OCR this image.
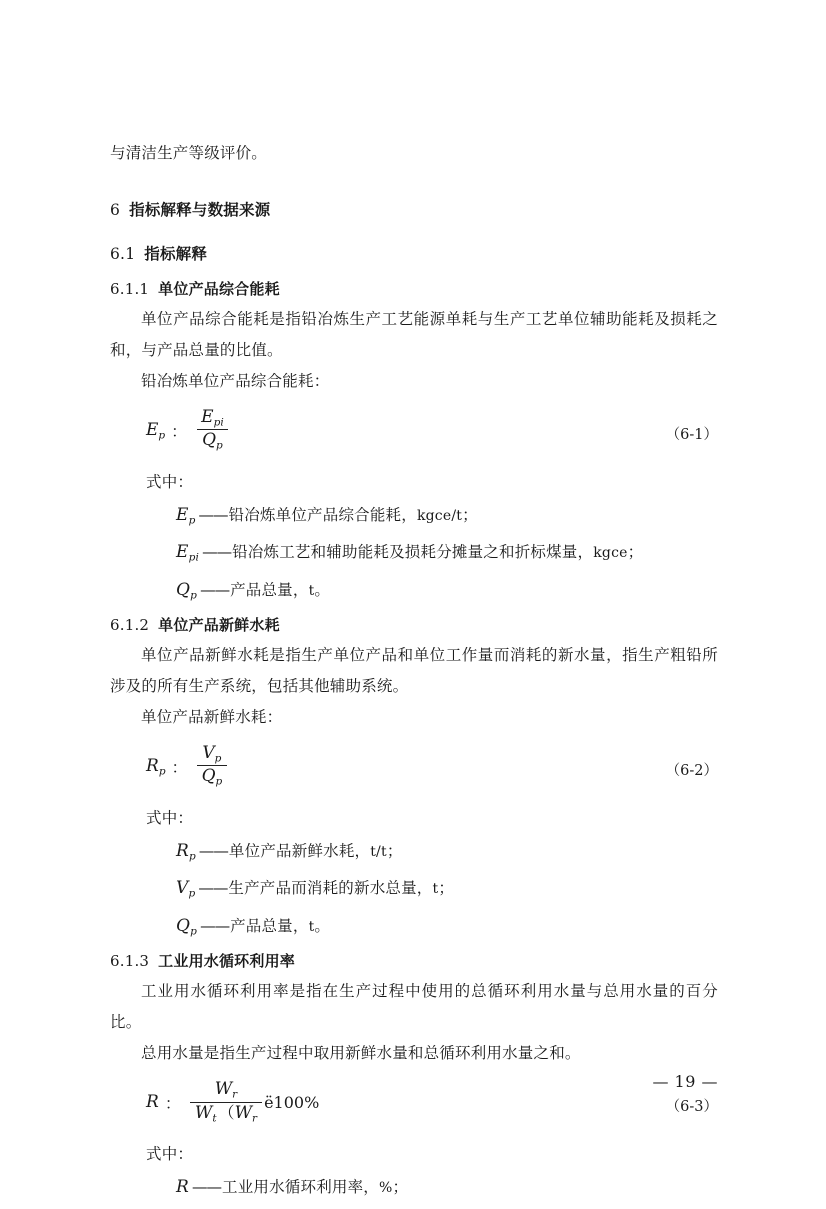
与清洁生产等级评价。

6 指标解释与数据来源
6.1 指标解释
6.1.1 单位产品综合能耗

单位产品综合能耗是指铅冶炼生产工艺能源单耗与生产工艺单位辅助能耗及损耗之和，与产品总量的比值。

铅冶炼单位产品综合能耗：

$E_p$ ： $\frac{E_{pi}}{Q_p}$	（6-1）

式中：

$E_p$ ——铅冶炼单位产品综合能耗，kgce/t；
$E_{pi}$ ——铅冶炼工艺和辅助能耗及损耗分摊量之和折标煤量，kgce；
$Q_p$ ——产品总量，t。
6.1.2 单位产品新鲜水耗

单位产品新鲜水耗是指生产单位产品和单位工作量而消耗的新水量，指生产粗铅所涉及的所有生产系统，包括其他辅助系统。

单位产品新鲜水耗：

$R_p$ ： $\frac{V_p}{Q_p}$	（6-2）

式中：

$R_p$ ——单位产品新鲜水耗，t/t；
$V_p$ ——生产产品而消耗的新水总量，t；
$Q_p$ ——产品总量，t。
6.1.3 工业用水循环利用率

工业用水循环利用率是指在生产过程中使用的总循环利用水量与总用水量的百分比。

总用水量是指生产过程中取用新鲜水量和总循环利用水量之和。

R ： $\frac{W_r}{W_t (W_r}$ ë 100%	（6-3）

式中：

R ——工业用水循环利用率，%；
— 19 —
